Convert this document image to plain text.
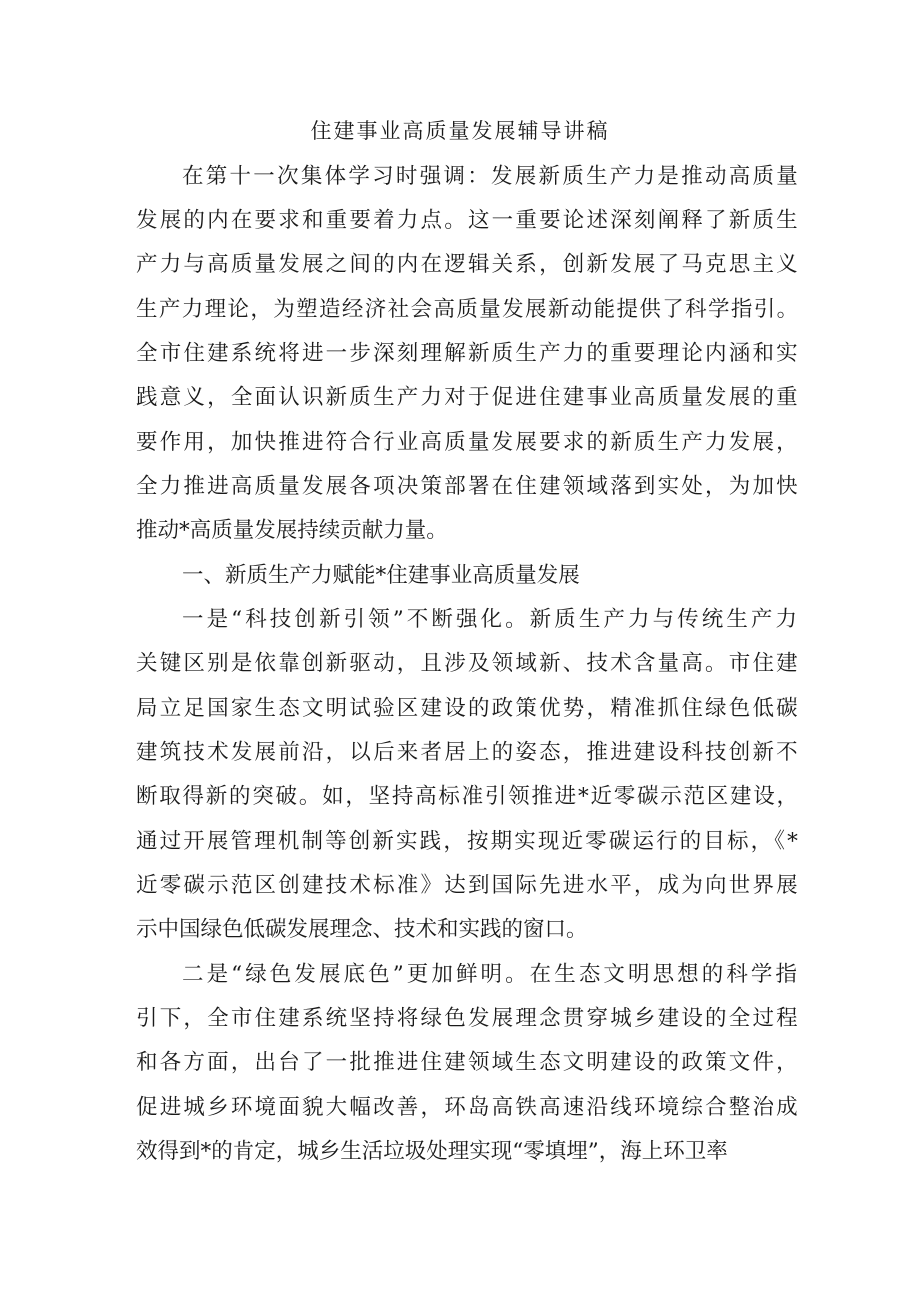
住建事业高质量发展辅导讲稿
在第十一次集体学习时强调：发展新质生产力是推动高质量
发展的内在要求和重要着力点。这一重要论述深刻阐释了新质生
产力与高质量发展之间的内在逻辑关系，创新发展了马克思主义
生产力理论，为塑造经济社会高质量发展新动能提供了科学指引。
全市住建系统将进一步深刻理解新质生产力的重要理论内涵和实
践意义，全面认识新质生产力对于促进住建事业高质量发展的重
要作用，加快推进符合行业高质量发展要求的新质生产力发展，
全力推进高质量发展各项决策部署在住建领域落到实处，为加快
推动*高质量发展持续贡献力量。
一、新质生产力赋能*住建事业高质量发展
一是“科技创新引领”不断强化。新质生产力与传统生产力
关键区别是依靠创新驱动，且涉及领域新、技术含量高。市住建
局立足国家生态文明试验区建设的政策优势，精准抓住绿色低碳
建筑技术发展前沿，以后来者居上的姿态，推进建设科技创新不
断取得新的突破。如，坚持高标准引领推进*近零碳示范区建设，
通过开展管理机制等创新实践，按期实现近零碳运行的目标，《*
近零碳示范区创建技术标准》达到国际先进水平，成为向世界展
示中国绿色低碳发展理念、技术和实践的窗口。
二是“绿色发展底色”更加鲜明。在生态文明思想的科学指
引下，全市住建系统坚持将绿色发展理念贯穿城乡建设的全过程
和各方面，出台了一批推进住建领域生态文明建设的政策文件，
促进城乡环境面貌大幅改善，环岛高铁高速沿线环境综合整治成
效得到*的肯定，城乡生活垃圾处理实现“零填埋”，海上环卫率
